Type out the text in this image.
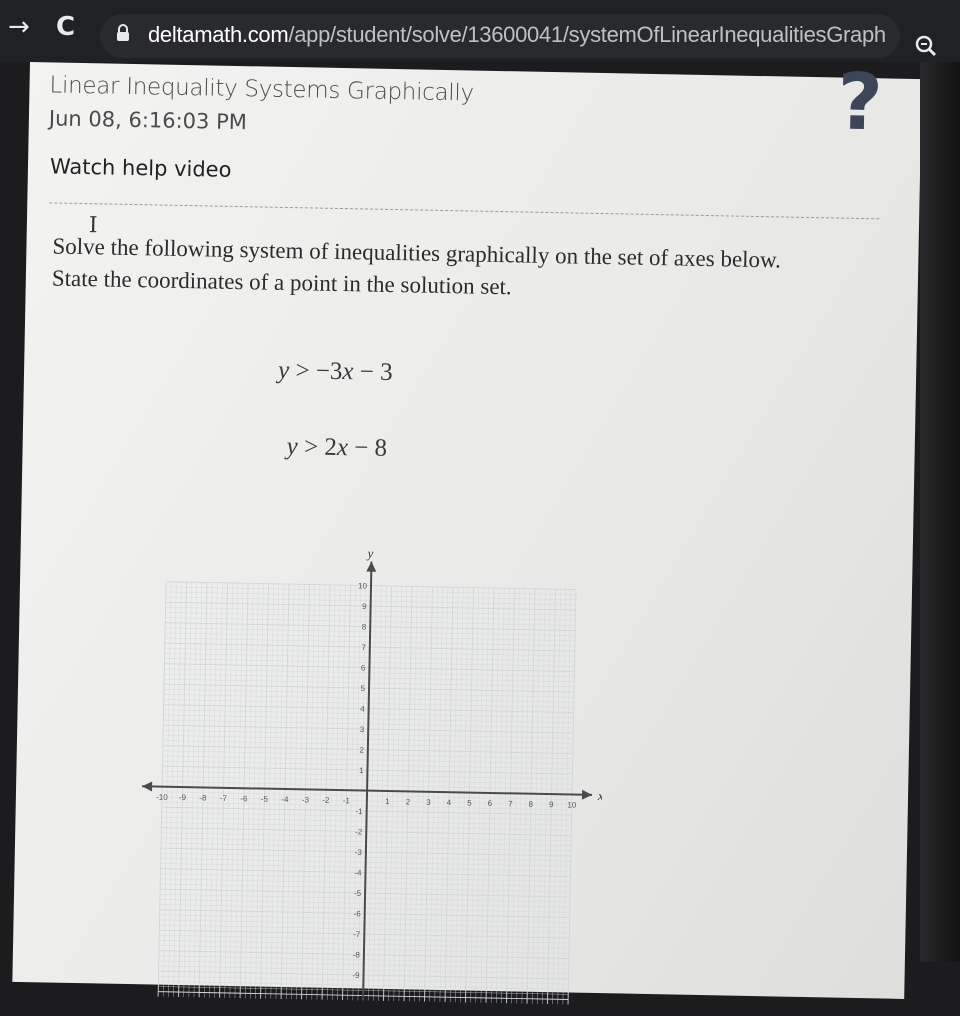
→ C	deltamath.com/app/student/solve/13600041/systemOfLinearInequalitiesGraph
Linear Inequality Systems Graphically
Jun 08, 6:16:03 PM	?
Watch help video
I
Solve the following system of inequalities graphically on the set of axes below.
State the coordinates of a point in the solution set.
y > −3x − 3
y > 2x − 8
x
y
-10 -9 -8 -7 -6 -5 -4 -3 -2 -1	1 2 3 4 5 6 7 8 9 10
10
9
8
7
6
5
4
3
2
1
-1
-2
-3
-4
-5
-6
-7
-8
-9
